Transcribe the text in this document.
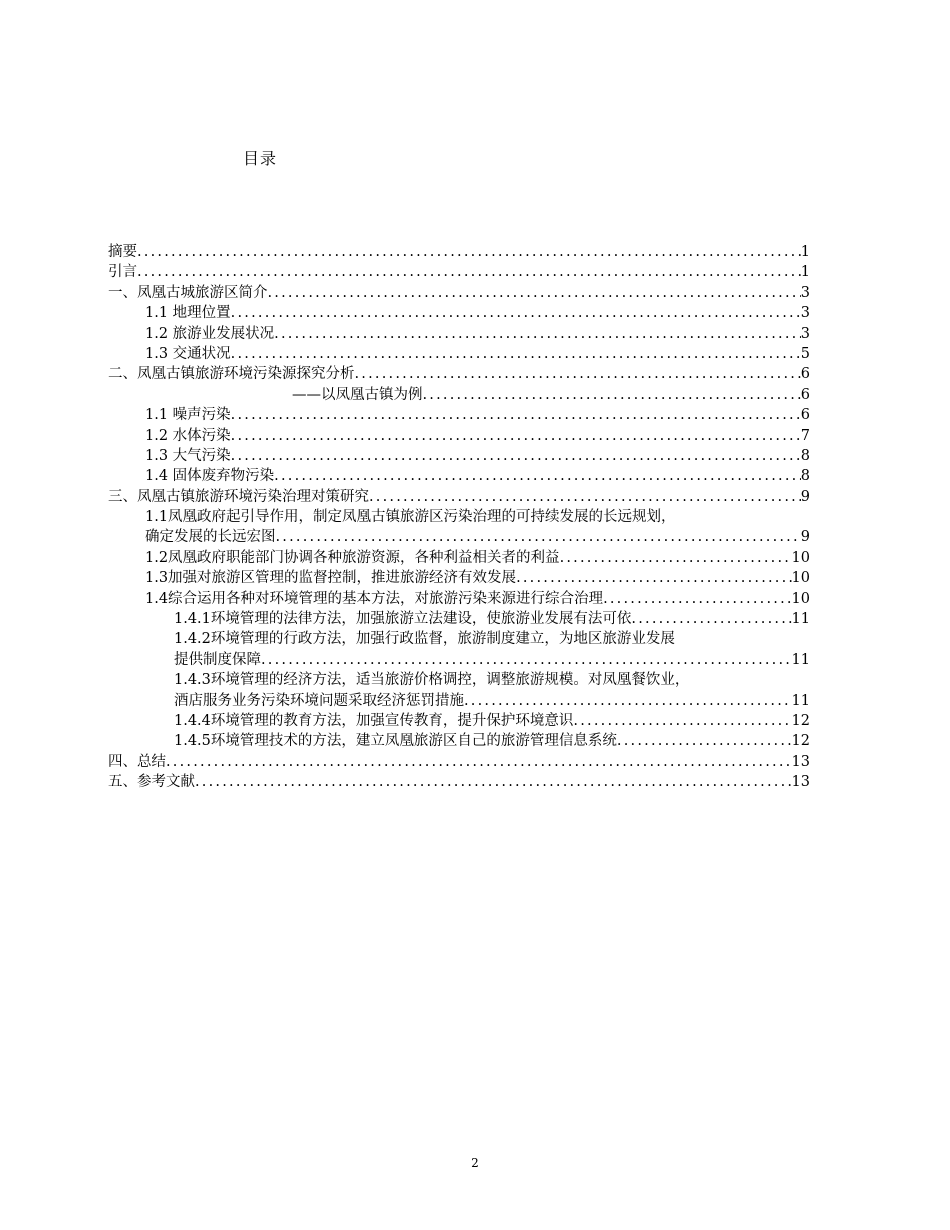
目录
摘要 .....	1
引言 .....	1
一、凤凰古城旅游区简介 .....	3
1.1 地理位置 .....	3
1.2 旅游业发展状况 .....	3
1.3 交通状况 .....	5
二、凤凰古镇旅游环境污染源探究分析 .....	6
——以凤凰古镇为例 .....	6
1.1 噪声污染 .....	6
1.2 水体污染 .....	7
1.3 大气污染 .....	8
1.4 固体废弃物污染 .....	8
三、凤凰古镇旅游环境污染治理对策研究 .....	9
1.1凤凰政府起引导作用，制定凤凰古镇旅游区污染治理的可持续发展的长远规划，
确定发展的长远宏图 .....	9
1.2凤凰政府职能部门协调各种旅游资源，各种利益相关者的利益 .....	10
1.3加强对旅游区管理的监督控制，推进旅游经济有效发展 .....	10
1.4综合运用各种对环境管理的基本方法，对旅游污染来源进行综合治理 .....	10
1.4.1环境管理的法律方法，加强旅游立法建设，使旅游业发展有法可依 .....	11
1.4.2环境管理的行政方法，加强行政监督，旅游制度建立，为地区旅游业发展
提供制度保障 .....	11
1.4.3环境管理的经济方法，适当旅游价格调控，调整旅游规模。对凤凰餐饮业，
酒店服务业务污染环境问题采取经济惩罚措施 .....	11
1.4.4环境管理的教育方法，加强宣传教育，提升保护环境意识 .....	12
1.4.5环境管理技术的方法，建立凤凰旅游区自己的旅游管理信息系统 .....	12
四、总结 .....	13
五、参考文献 .....	13
2
